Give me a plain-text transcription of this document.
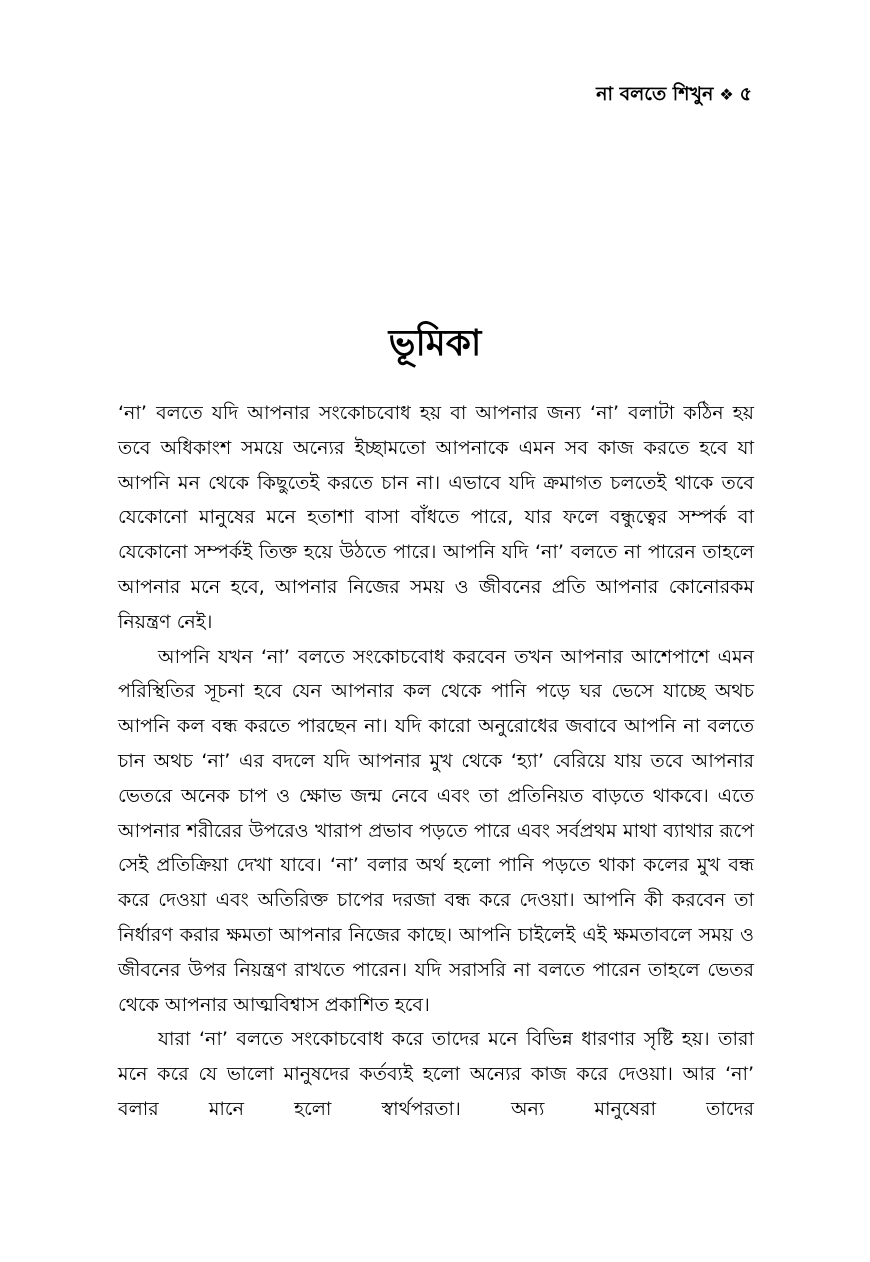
না বলতে শিখুন ❖ ৫
ভূমিকা

‘না’ বলতে যদি আপনার সংকোচবোধ হয় বা আপনার জন্য ‘না’ বলাটা কঠিন হয় তবে অধিকাংশ সময়ে অন্যের ইচ্ছামতো আপনাকে এমন সব কাজ করতে হবে যা আপনি মন থেকে কিছুতেই করতে চান না। এভাবে যদি ক্রমাগত চলতেই থাকে তবে যেকোনো মানুষের মনে হতাশা বাসা বাঁধতে পারে, যার ফলে বন্ধুত্বের সম্পর্ক বা যেকোনো সম্পর্কই তিক্ত হয়ে উঠতে পারে। আপনি যদি ‘না’ বলতে না পারেন তাহলে আপনার মনে হবে, আপনার নিজের সময় ও জীবনের প্রতি আপনার কোনোরকম নিয়ন্ত্রণ নেই।

আপনি যখন ‘না’ বলতে সংকোচবোধ করবেন তখন আপনার আশেপাশে এমন পরিস্থিতির সূচনা হবে যেন আপনার কল থেকে পানি পড়ে ঘর ভেসে যাচ্ছে অথচ আপনি কল বন্ধ করতে পারছেন না। যদি কারো অনুরোধের জবাবে আপনি না বলতে চান অথচ ‘না’ এর বদলে যদি আপনার মুখ থেকে ‘হ্যা’ বেরিয়ে যায় তবে আপনার ভেতরে অনেক চাপ ও ক্ষোভ জন্ম নেবে এবং তা প্রতিনিয়ত বাড়তে থাকবে। এতে আপনার শরীরের উপরেও খারাপ প্রভাব পড়তে পারে এবং সর্বপ্রথম মাথা ব্যাথার রূপে সেই প্রতিক্রিয়া দেখা যাবে। ‘না’ বলার অর্থ হলো পানি পড়তে থাকা কলের মুখ বন্ধ করে দেওয়া এবং অতিরিক্ত চাপের দরজা বন্ধ করে দেওয়া। আপনি কী করবেন তা নির্ধারণ করার ক্ষমতা আপনার নিজের কাছে। আপনি চাইলেই এই ক্ষমতাবলে সময় ও জীবনের উপর নিয়ন্ত্রণ রাখতে পারেন। যদি সরাসরি না বলতে পারেন তাহলে ভেতর থেকে আপনার আত্মবিশ্বাস প্রকাশিত হবে।

যারা ‘না’ বলতে সংকোচবোধ করে তাদের মনে বিভিন্ন ধারণার সৃষ্টি হয়। তারা মনে করে যে ভালো মানুষদের কর্তব্যই হলো অন্যের কাজ করে দেওয়া। আর ‘না’ বলার মানে হলো স্বার্থপরতা। অন্য মানুষেরা তাদের
